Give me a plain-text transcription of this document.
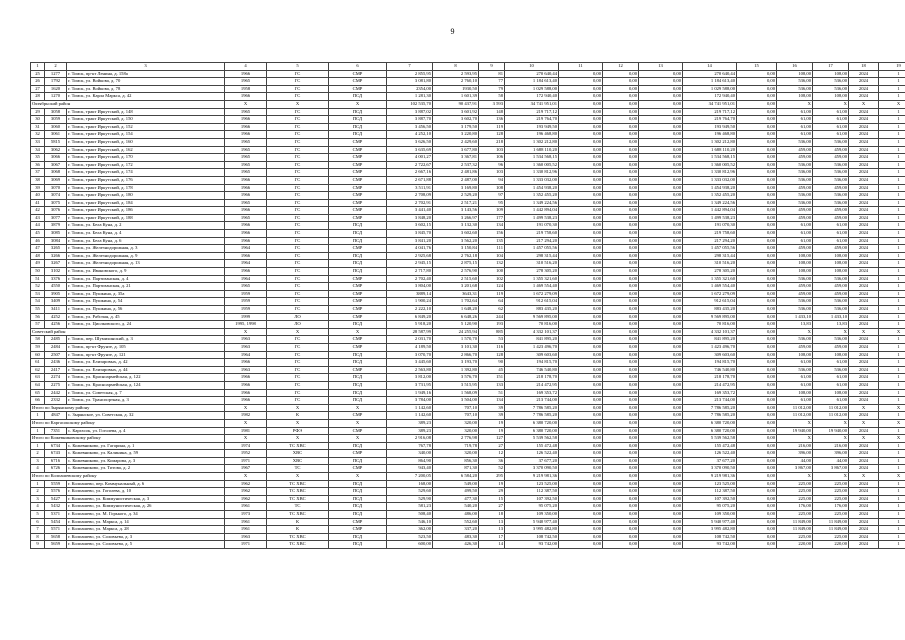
9
1	2	3	4	5	6	7	8	9	10	11	12	13	14	15	16	17	18	19
25	1277	г. Томск, пр-кт Ленина, д. 158а	1966	ГС	СМР	2 855,95	2 593,95	81	270 640,44	0,00	0,00	0,00	270 640,44	0,00	108,00	108,00	2024	1
26	1792	г. Томск, ул. Войкова, д. 70	1965	ГС	СМР	3 081,80	2 760,10	77	1 184 613,40	0,00	0,00	0,00	1 184 613,40	0,00	536,00	536,00	2024	1
27	1620	г. Томск, ул. Войкова, д. 78	1958	ГС	СМР	2354,00	1930,50	79	1 029 588,00	0,00	0,00	0,00	1 029 588,00	0,00	536,00	536,00	2024	1
28	1270	г. Томск, ул. Карла Маркса, д. 42	1966	ГС	ПСД	1 281,30	1 601,39	58	172 940,40	0,00	0,00	0,00	172 940,40	0,00	108,00	108,00	2024	1
Октябрьский район			Х	Х	Х	102 535,70	90 437,91	3 593	34 741 951,01	0,00	0,00	0,00	34 741 951,01	0,00	Х	Х	Х	Х
29	3058	г. Томск, тракт Иркутский, д. 148	1965	ГС	ПСД	3 887,02	3 601,92	148	219 717,12	0,00	0,00	0,00	219 717,12	0,00	61,00	61,00	2024	1
30	3059	г. Томск, тракт Иркутский, д. 150	1966	ГС	ПСД	3 887,70	3 602,70	136	219 764,70	0,00	0,00	0,00	219 764,70	0,00	61,00	61,00	2024	1
31	3060	г. Томск, тракт Иркутский, д. 152	1966	ГС	ПСД	3 456,50	3 179,50	119	193 949,50	0,00	0,00	0,00	193 949,50	0,00	61,00	61,00	2024	1
32	3061	г. Томск, тракт Иркутский, д. 154	1966	ГС	ПСД	4 252,10	3 220,80	128	196 468,80	0,00	0,00	0,00	196 468,80	0,00	61,00	61,00	2024	1
33	5815	г. Томск, тракт Иркутский, д. 160	1965	ГС	СМР	3 626,50	2 429,60	218	1 302 212,80	0,00	0,00	0,00	1 302 212,80	0,00	536,00	536,00	2024	1
34	3062	г. Томск, тракт Иркутский, д. 162	1965	ГС	СМР	3 635,69	3 677,80	103	1 688 110,20	0,00	0,00	0,00	1 688 110,20	0,00	459,00	459,00	2024	1
35	3066	г. Томск, тракт Иркутский, д. 170	1965	ГС	СМР	4 001,27	3 367,81	106	1 534 568,15	0,00	0,00	0,00	1 534 568,15	0,00	459,00	459,00	2024	1
36	3067	г. Томск, тракт Иркутский, д. 172	1965	ГС	СМР	2 722,67	2 537,32	96	1 360 005,52	0,00	0,00	0,00	1 360 005,52	0,00	536,00	536,00	2024	1
37	3068	г. Томск, тракт Иркутский, д. 174	1965	ГС	СМР	2 667,16	2 481,86	103	1 330 812,96	0,00	0,00	0,00	1 330 812,96	0,00	536,00	536,00	2024	1
38	3069	г. Томск, тракт Иркутский, д. 176	1966	ГС	СМР	2 671,88	2 487,00	94	1 333 032,00	0,00	0,00	0,00	1 333 032,00	0,00	536,00	536,00	2024	1
39	3070	г. Томск, тракт Иркутский, д. 178	1966	ГС	СМР	3 511,91	3 169,80	108	1 454 938,20	0,00	0,00	0,00	1 454 938,20	0,00	459,00	459,00	2024	1
40	3074	г. Томск, тракт Иркутский, д. 180	1966	ГС	СМР	2 708,09	2 529,20	97	1 352 455,20	0,00	0,00	0,00	1 352 455,20	0,00	536,00	536,00	2024	1
41	3075	г. Томск, тракт Иркутский, д. 184	1965	ГС	СМР	2 702,91	2 517,21	95	1 349 224,56	0,00	0,00	0,00	1 349 224,56	0,00	536,00	536,00	2024	1
42	3076	г. Томск, тракт Иркутский, д. 186	1966	ГС	СМР	3 441,40	3 143,56	109	1 442 894,04	0,00	0,00	0,00	1 442 894,04	0,00	459,00	459,00	2024	1
43	3077	г. Томск, тракт Иркутский, д. 188	1965	ГС	СМР	3 848,20	3 266,97	177	1 499 538,23	0,00	0,00	0,00	1 499 538,23	0,00	459,00	459,00	2024	1
44	3879	г. Томск, ул. Бела Куна, д. 2	1966	ГС	ПСД	3 602,15	3 132,30	134	191 070,30	0,00	0,00	0,00	191 070,30	0,00	61,00	61,00	2024	1
45	3085	г. Томск, ул. Бела Куна, д. 4	1966	ГС	ПСД	3 845,70	3 602,60	156	219 758,60	0,00	0,00	0,00	219 758,60	0,00	61,00	61,00	2024	1
46	3084	г. Томск, ул. Бела Куна, д. 6	1966	ГС	ПСД	3 841,20	3 562,20	135	217 294,20	0,00	0,00	0,00	217 294,20	0,00	61,00	61,00	2024	1
47	3265	г. Томск, ул. Железнодорожная, д. 3	1964	ГС	СМР	4 041,76	3 150,84	111	1 457 055,56	0,00	0,00	0,00	1 457 055,56	0,00	459,00	459,00	2024	1
48	3266	г. Томск, ул. Железнодорожная, д. 9	1966	ГС	ПСД	2 925,68	2 762,18	104	298 315,44	0,00	0,00	0,00	298 315,44	0,00	108,00	108,00	2024	1
49	3267	г. Томск, ул. Железнодорожная, д. 13	1964	ГС	ПСД	2 945,15	2 875,15	132	310 516,20	0,00	0,00	0,00	310 516,20	0,00	108,00	108,00	2024	1
50	3102	г. Томск, ул. Ивановского, д. 9	1966	ГС	ПСД	2 717,80	2 576,90	100	278 305,20	0,00	0,00	0,00	278 305,20	0,00	108,00	108,00	2024	1
51	3376	г. Томск, ул. Партизанская, д. 4	1964	ГС	СМР	2 702,40	2 515,60	102	1 355 321,60	0,00	0,00	0,00	1 355 321,60	0,00	536,00	536,00	2024	1
52	4550	г. Томск, ул. Партизанская, д. 21	1965	ГС	СМР	3 804,00	3 201,68	124	1 469 554,40	0,00	0,00	0,00	1 469 554,40	0,00	459,00	459,00	2024	1
53	3905	г. Томск, ул. Пушкина, д. 35а	1959	ГС	СМР	3889,14	3643,31	119	1 672 279,09	0,00	0,00	0,00	1 672 279,09	0,00	459,00	459,00	2024	1
54	3409	г. Томск, ул. Пушкина, д. 54	1959	ГС	СМР	1 900,24	1 702,64	64	912 615,04	0,00	0,00	0,00	912 615,04	0,00	536,00	536,00	2024	1
55	3411	г. Томск, ул. Пушкина, д. 56	1959	ГС	СМР	2 222,10	1 648,20	62	883 435,20	0,00	0,00	0,00	883 435,20	0,00	536,00	536,00	2024	1
56	4252	г. Томск, ул. Рабочая, д. 45	1999	ЛО	СМР	6 849,20	6 648,26	244	9 569 895,00	0,00	0,00	0,00	9 569 895,00	0,00	1 433,10	1 433,10	2024	1
57	4256	г. Томск, ул. Циолковского, д. 24	1995, 1998	ЛО	ПСД	5 918,20	5 120,90	193	70 816,00	0,00	0,00	0,00	70 816,00	0,00	13,83	13,83	2024	1
Советский район			Х	Х	Х	28 587,99	24 255,94	885	4 332 101,37	0,00	0,00	0,00	4 332 101,37	0,00	Х	Х	Х	Х
58	2485	г. Томск, пер. Шумихинский, д. 3	1963	ГС	СМР	2 031,70	1 570,70	53	841 895,20	0,00	0,00	0,00	841 895,20	0,00	536,00	536,00	2024	1
59	2484	г. Томск, пр-кт Фрунзе, д. 105	1963	ГС	СМР	4 189,50	3 101,30	116	1 423 496,70	0,00	0,00	0,00	1 423 496,70	0,00	459,00	459,00	2024	1
60	2507	г. Томск, пр-кт Фрунзе, д. 121	1964	ГС	ПСД	3 070,70	2 866,70	128	309 603,60	0,00	0,00	0,00	309 603,60	0,00	108,00	108,00	2024	1
61	2436	г. Томск, ул. Елизаровых, д. 42	1966	ГС	ПСД	3 445,60	3 193,70	90	194 815,70	0,00	0,00	0,00	194 815,70	0,00	61,00	61,00	2024	1
62	2417	г. Томск, ул. Елизаровых, д. 44	1963	ГС	СМР	2 563,80	1 392,80	45	746 540,80	0,00	0,00	0,00	746 540,80	0,00	536,00	536,00	2024	1
63	2274	г. Томск, ул. Красноармейская, д. 122	1966	ГС	ПСД	3 812,00	3 576,70	151	218 178,70	0,00	0,00	0,00	218 178,70	0,00	61,00	61,00	2024	1
64	2275	г. Томск, ул. Красноармейская, д. 124	1966	ГС	ПСД	3 731,95	3 515,95	133	214 472,95	0,00	0,00	0,00	214 472,95	0,00	61,00	61,00	2024	1
65	2442	г. Томск, ул. Советская, д. 7	1966	ГС	ПСД	1 949,16	1 568,09	51	169 353,72	0,00	0,00	0,00	169 353,72	0,00	108,00	108,00	2024	1
66	2332	г. Томск, ул. Транспортная, д. 3	1966	ГС	ПСД	3 784,00	3 504,00	134	213 744,00	0,00	0,00	0,00	213 744,00	0,00	61,00	61,00	2024	1
Итого по Зырянскому району			Х	Х	Х	1 142,60	707,10	39	7 786 585,20	0,00	0,00	0,00	7 786 585,20	0,00	11 012,00	11 012,00	Х	Х
1	4847	с. Зырянское, ул. Советская, д. 32	1982	К	СМР	1 142,60	707,10	39	7 786 585,20	0,00	0,00	0,00	7 786 585,20	0,00	11 012,00	11 012,00	2024	1
Итого по Каргасокскому району			Х	Х	Х	389,23	320,00	19	6 380 720,00	0,00	0,00	0,00	6 380 720,00	0,00	Х	Х	Х	Х
1	7351	с. Каргасок, ул. Гоголева, д. 4	1981	РФЭ	СМР	389,23	320,00	19	6 380 720,00	0,00	0,00	0,00	6 380 720,00	0,00	19 940,00	19 940,00	2024	1
Итого по Кожевниковскому району			Х	Х	Х	2 916,08	2 776,98	127	5 539 562,58	0,00	0,00	0,00	5 539 562,58	0,00	Х	Х	Х	Х
1	6734	с. Кожевниково, ул. Гагарина, д. 1	1974	ТС ХВС	ПСД	767,78	719,78	27	155 472,48	0,00	0,00	0,00	155 472,48	0,00	216,00	216,00	2024	1
2	6743	с. Кожевниково, ул. Калинина, д. 59	1952	ХВС	СМР	340,00	320,00	12	126 522,40	0,00	0,00	0,00	126 522,40	0,00	396,00	396,00	2024	1
3	6716	с. Кожевниково, ул. Комарова, д. 3	1971	ХВС	ПСД	864,90	856,30	36	37 677,20	0,00	0,00	0,00	37 677,20	0,00	44,00	44,00	2024	1
4	6726	с. Кожевниково, ул. Титова, д. 2	1967	ТС	СМР	943,40	871,30	52	3 370 090,50	0,00	0,00	0,00	3 370 090,50	0,00	3 867,00	3 867,00	2024	1
Итого по Колпашевскому району			Х	Х	Х	7 200,05	6 584,20	295	9 219 981,36	0,00	0,00	0,00	9 219 981,36	0,00	Х	Х	Х	Х
1	5559	г. Колпашево, пер. Коммунальный, д. 6	1962	ТС ХВС	ПСД	168,00	549,00	19	123 525,00	0,00	0,00	0,00	123 525,00	0,00	225,00	225,00	2024	1
2	5576	г. Колпашево, ул. Гоголева, д. 10	1962	ТС ХВС	ПСД	529,60	499,50	29	112 387,50	0,00	0,00	0,00	112 387,50	0,00	225,00	225,00	2024	1
3	5427	г. Колпашево, ул. Коммунистическая, д. 3	1962	ТС ХВС	ПСД	529,90	477,30	15	107 392,50	0,00	0,00	0,00	107 392,50	0,00	225,00	225,00	2024	1
4	5432	г. Колпашево, ул. Коммунистическая, д. 26	1961	ТС	ПСД	581,23	540,20	27	95 075,20	0,00	0,00	0,00	95 075,20	0,00	176,00	176,00	2024	1
5	5371	г. Колпашево, ул. М. Горького, д. 34	1973	ТС ХВС	ПСД	508,40	486,00	18	109 350,00	0,00	0,00	0,00	109 350,00	0,00	225,00	225,00	2024	1
6	5454	г. Колпашево, ул. Маркса, д. 14	1961	К	СМР	546,10	552,60	13	5 940 977,40	0,00	0,00	0,00	5 940 977,40	0,00	11 849,00	11 849,00	2024	1
7	5571	г. Колпашево, ул. Маркса, д. 28	1961	К	СМР	362,00	337,20	13	3 995 482,80	0,00	0,00	0,00	3 995 482,80	0,00	11 849,00	11 849,00	2024	1
8	5658	г. Колпашево, ул. Соловьева, д. 3	1963	ТС ХВС	ПСД	523,50	483,30	17	108 742,50	0,00	0,00	0,00	108 742,50	0,00	225,00	225,00	2024	1
9	5659	г. Колпашево, ул. Соловьева, д. 5	1971	ТС ХВС	ПСД	600,00	426,30	14	93 742,00	0,00	0,00	0,00	93 742,00	0,00	220,00	220,00	2024	1
